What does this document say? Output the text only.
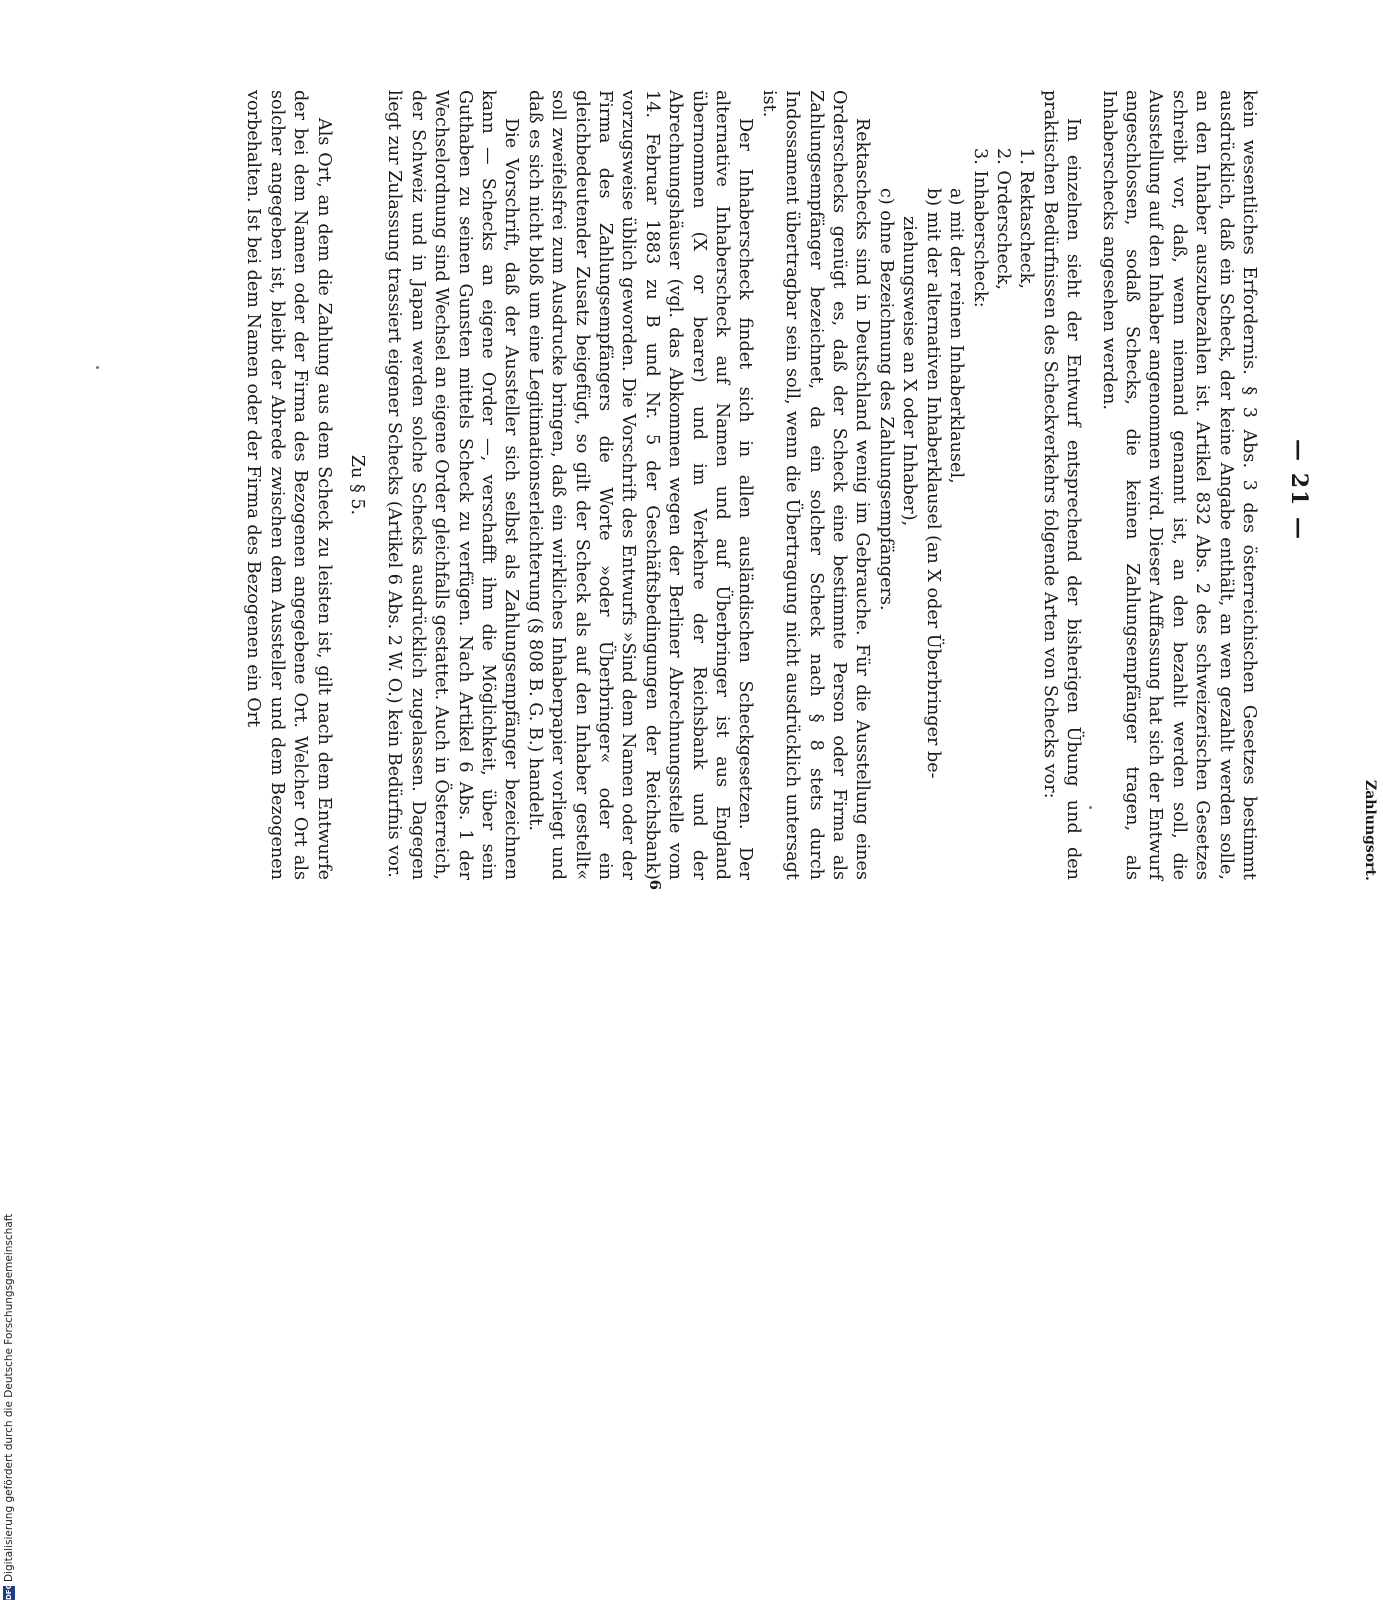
— 21 —
Zahlungsort.

kein wesentliches Erfordernis. § 3 Abs. 3 des österreichischen Gesetzes bestimmt ausdrücklich, daß ein Scheck, der keine Angabe enthält, an wen gezahlt werden solle, an den Inhaber auszubezahlen ist. Artikel 832 Abs. 2 des schweizerischen Gesetzes schreibt vor, daß, wenn niemand genannt ist, an den bezahlt werden soll, die Ausstellung auf den Inhaber angenommen wird. Dieser Auffassung hat sich der Entwurf angeschlossen, sodaß Schecks, die keinen Zahlungsempfänger tragen, als Inhaberschecks angesehen werden.

Im einzelnen sieht der Entwurf entsprechend der bisherigen Übung und den praktischen Bedürfnissen des Scheckverkehrs folgende Arten von Schecks vor:

1. Rektascheck,
2. Orderscheck,
3. Inhaberscheck:
a) mit der reinen Inhaberklausel,
b) mit der alternativen Inhaberklausel (an X oder Überbringer be-
ziehungsweise an X oder Inhaber),
c) ohne Bezeichnung des Zahlungsempfängers.

Rektaschecks sind in Deutschland wenig im Gebrauche. Für die Ausstellung eines Orderschecks genügt es, daß der Scheck eine bestimmte Person oder Firma als Zahlungsempfänger bezeichnet, da ein solcher Scheck nach § 8 stets durch Indossament übertragbar sein soll, wenn die Übertragung nicht ausdrücklich untersagt ist.

Der Inhaberscheck findet sich in allen ausländischen Scheckgesetzen. Der alternative Inhaberscheck auf Namen und auf Überbringer ist aus England übernommen (X or bearer) und im Verkehre der Reichsbank und der Abrechnungshäuser (vgl. das Abkommen wegen der Berliner Abrechnungsstelle vom 14. Februar 1883 zu B und Nr. 5 der Geschäftsbedingungen der Reichsbank) vorzugsweise üblich geworden. Die Vorschrift des Entwurfs »Sind dem Namen oder der Firma des Zahlungsempfängers die Worte »oder Überbringer« oder ein gleichbedeutender Zusatz beigefügt, so gilt der Scheck als auf den Inhaber gestellt« soll zweifelsfrei zum Ausdrucke bringen, daß ein wirkliches Inhaberpapier vorliegt und daß es sich nicht bloß um eine Legitimationserleichterung (§ 808 B. G. B.) handelt.

Die Vorschrift, daß der Aussteller sich selbst als Zahlungsempfänger bezeichnen kann — Schecks an eigene Order —, verschafft ihm die Möglichkeit, über sein Guthaben zu seinen Gunsten mittels Scheck zu verfügen. Nach Artikel 6 Abs. 1 der Wechselordnung sind Wechsel an eigene Order gleichfalls gestattet. Auch in Österreich, der Schweiz und in Japan werden solche Schecks ausdrücklich zugelassen. Dagegen liegt zur Zulassung trassiert eigener Schecks (Artikel 6 Abs. 2 W. O.) kein Bedürfnis vor.

Zu § 5.

Als Ort, an dem die Zahlung aus dem Scheck zu leisten ist, gilt nach dem Entwurfe der bei dem Namen oder der Firma des Bezogenen angegebene Ort. Welcher Ort als solcher angegeben ist, bleibt der Abrede zwischen dem Aussteller und dem Bezogenen vorbehalten. Ist bei dem Namen oder der Firma des Bezogenen ein Ort

6
DFG
Digitalisierung gefördert durch die Deutsche Forschungsgemeinschaft
